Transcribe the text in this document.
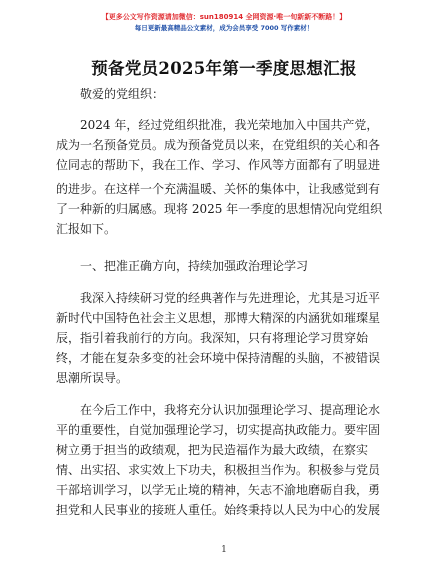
【更多公文写作资源请加微信：sun180914 全网资源·唯一旬新新不断路！】
每日更新最高精品公文素材，成为会员享受 7000 写作素材！
预备党员2025年第一季度思想汇报
敬爱的党组织：
2024 年，经过党组织批准，我光荣地加入中国共产党，
成为一名预备党员。成为预备党员以来，在党组织的关心和各
位同志的帮助下，我在工作、学习、作风等方面都有了明显进
的进步。在这样一个充满温暖、关怀的集体中，让我感觉到有
了一种新的归属感。现将 2025 年一季度的思想情况向党组织
汇报如下。
一、把准正确方向，持续加强政治理论学习
我深入持续研习党的经典著作与先进理论，尤其是习近平
新时代中国特色社会主义思想，那博大精深的内涵犹如璀璨星
辰，指引着我前行的方向。我深知，只有将理论学习贯穿始
终，才能在复杂多变的社会环境中保持清醒的头脑，不被错误
思潮所误导。
在今后工作中，我将充分认识加强理论学习、提高理论水
平的重要性，自觉加强理论学习，切实提高执政能力。要牢固
树立勇于担当的政绩观，把为民造福作为最大政绩，在察实
情、出实招、求实效上下功夫，积极担当作为。积极参与党员
干部培训学习，以学无止境的精神，矢志不渝地磨砺自我，勇
担党和人民事业的接班人重任。始终秉持以人民为中心的发展
1
